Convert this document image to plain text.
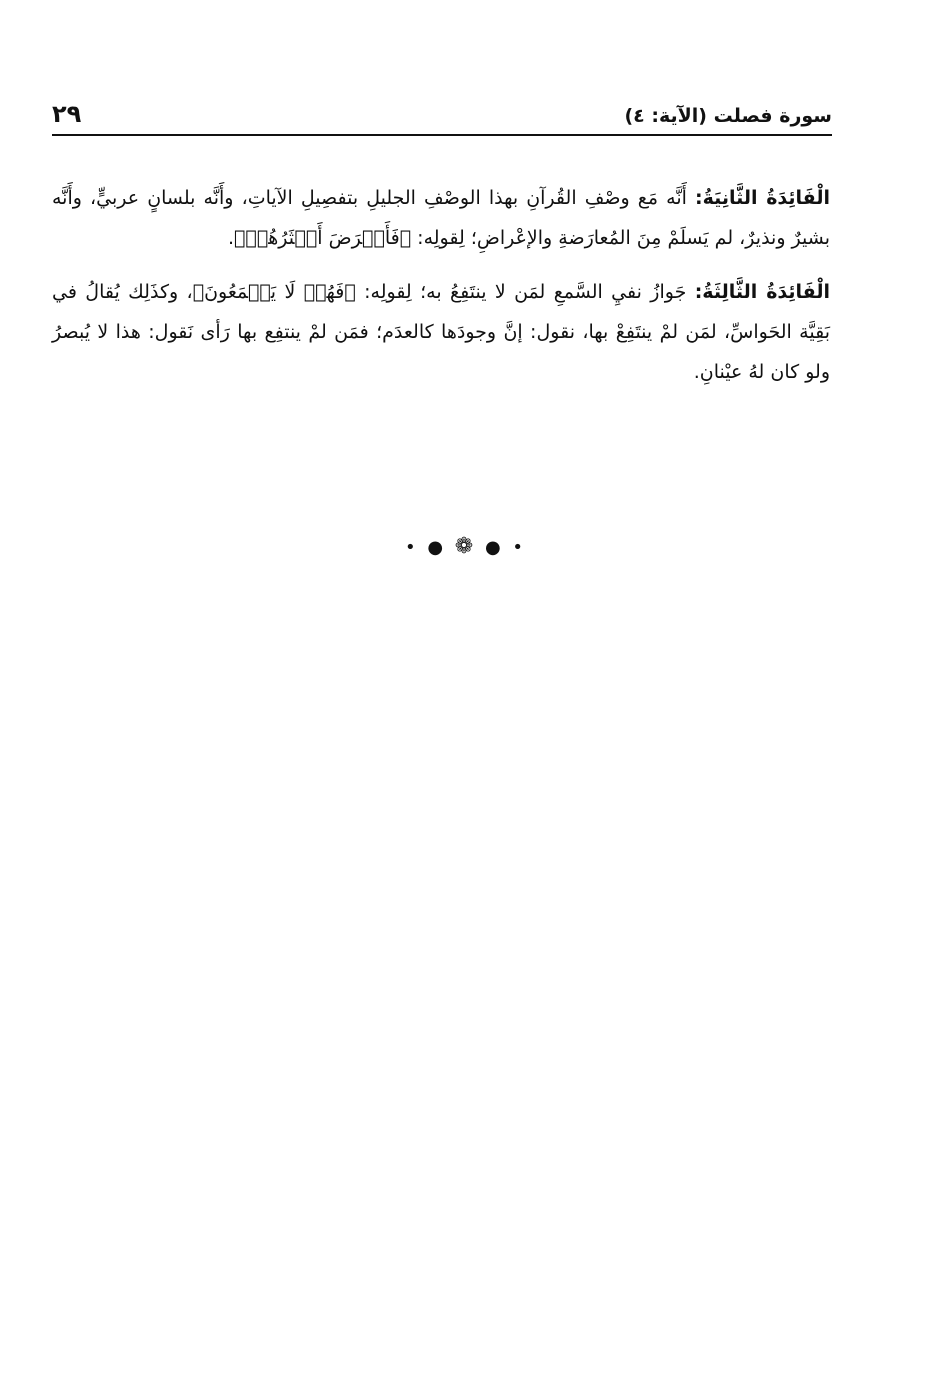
سورة فصلت (الآية: ٤)
٢٩

الْفَائِدَةُ الثَّانِيَةُ: أَنَّه مَع وصْفِ القُرآنِ بهذا الوصْفِ الجليلِ بتفصِيلِ الآياتِ، وأَنَّه بلسانٍ عربيٍّ، وأَنَّه بشيرٌ ونذيرٌ، لم يَسلَمْ مِنَ المُعارَضةِ والإعْراضِ؛ لِقولِه: ﴿فَأَعۡرَضَ أَكۡثَرُهُمۡ﴾.

الْفَائِدَةُ الثَّالِثَةُ: جَوازُ نفيِ السَّمعِ لمَن لا ينتَفِعُ به؛ لِقولِه: ﴿فَهُمۡ لَا يَسۡمَعُونَ﴾، وكذَلِك يُقالُ في بَقِيَّة الحَواسِّ، لمَن لمْ ينتَفِعْ بها، نقول: إنَّ وجودَها كالعدَم؛ فمَن لمْ ينتفِع بها رَأى نَقول: هذا لا يُبصرُ ولو كان لهُ عيْنانِ.

• ● ❁ ● •
